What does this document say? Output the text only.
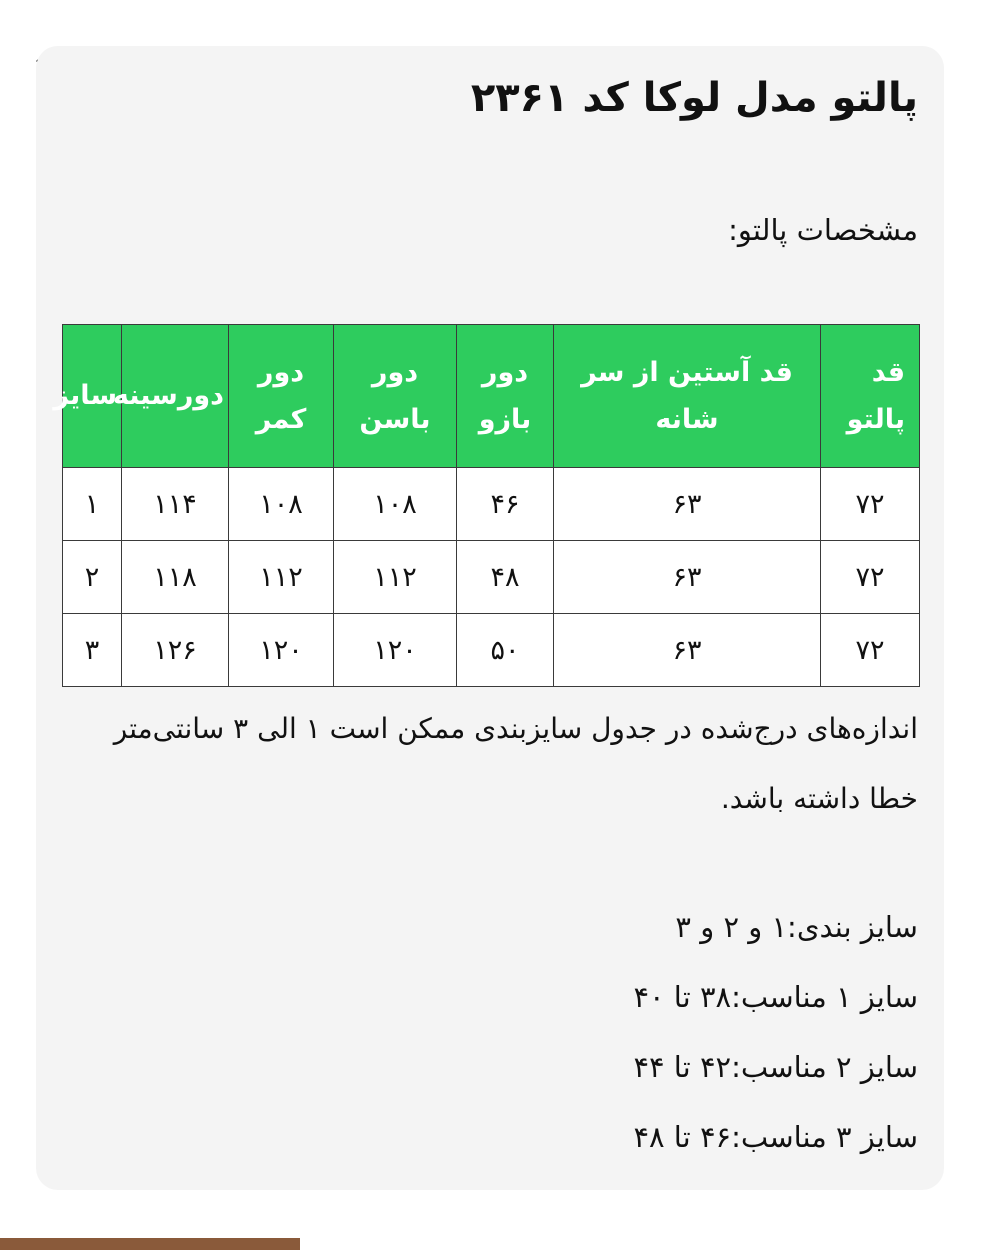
پالتو مدل لوکا کد ۲۳۶۱

مشخصات پالتو:

قد پالتو	قد آستین از سر شانه	دور بازو	دور باسن	دور کمر	دورسینه	سایز
۷۲	۶۳	۴۶	۱۰۸	۱۰۸	۱۱۴	۱
۷۲	۶۳	۴۸	۱۱۲	۱۱۲	۱۱۸	۲
۷۲	۶۳	۵۰	۱۲۰	۱۲۰	۱۲۶	۳

اندازه‌های درج‌شده در جدول سایزبندی ممکن است ۱ الی ۳ سانتی‌متر خطا داشته باشد.

سایز بندی:۱ و ۲ و ۳
سایز ۱ مناسب:۳۸ تا ۴۰
سایز ۲ مناسب:۴۲ تا ۴۴
سایز ۳ مناسب:۴۶ تا ۴۸
